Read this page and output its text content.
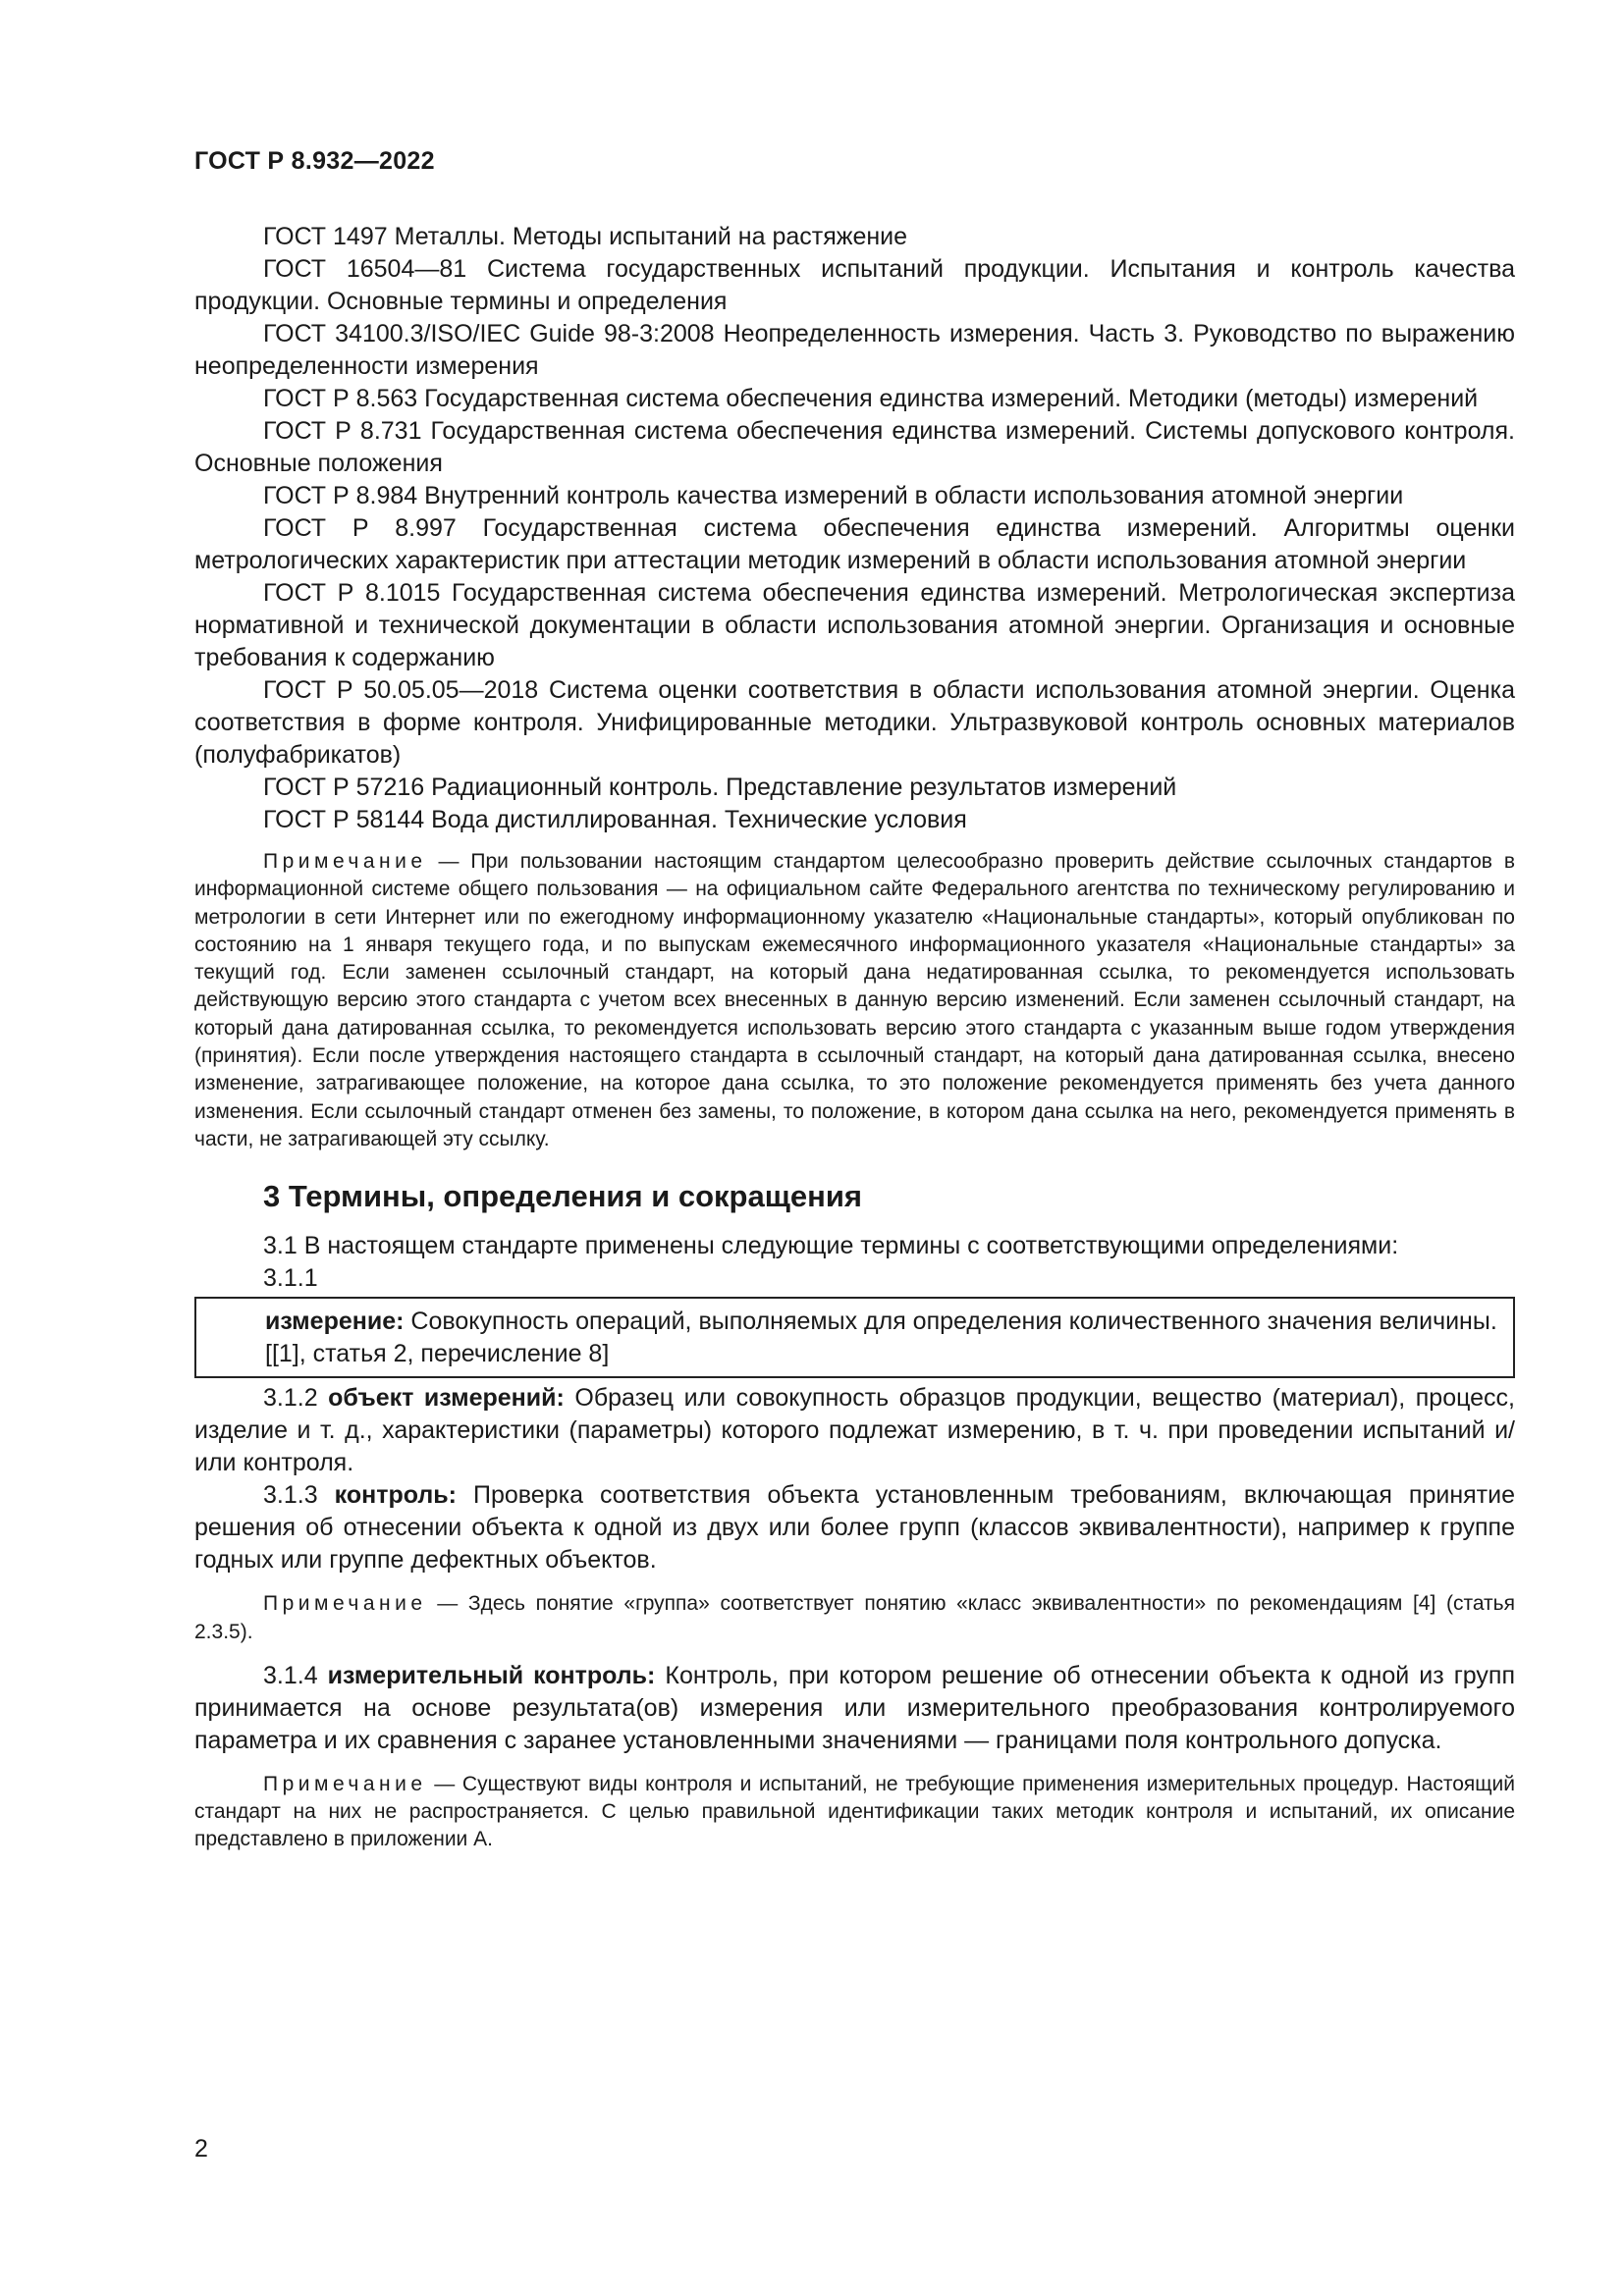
ГОСТ Р 8.932—2022

ГОСТ 1497 Металлы. Методы испытаний на растяжение

ГОСТ 16504—81 Система государственных испытаний продукции. Испытания и контроль качества продукции. Основные термины и определения

ГОСТ 34100.3/ISO/IEC Guide 98-3:2008 Неопределенность измерения. Часть 3. Руководство по выражению неопределенности измерения

ГОСТ Р 8.563 Государственная система обеспечения единства измерений. Методики (методы) измерений

ГОСТ Р 8.731 Государственная система обеспечения единства измерений. Системы допускового контроля. Основные положения

ГОСТ Р 8.984 Внутренний контроль качества измерений в области использования атомной энергии

ГОСТ Р 8.997 Государственная система обеспечения единства измерений. Алгоритмы оценки метрологических характеристик при аттестации методик измерений в области использования атомной энергии

ГОСТ Р 8.1015 Государственная система обеспечения единства измерений. Метрологическая экспертиза нормативной и технической документации в области использования атомной энергии. Организация и основные требования к содержанию

ГОСТ Р 50.05.05—2018 Система оценки соответствия в области использования атомной энергии. Оценка соответствия в форме контроля. Унифицированные методики. Ультразвуковой контроль основных материалов (полуфабрикатов)

ГОСТ Р 57216 Радиационный контроль. Представление результатов измерений

ГОСТ Р 58144 Вода дистиллированная. Технические условия

Примечание — При пользовании настоящим стандартом целесообразно проверить действие ссылочных стандартов в информационной системе общего пользования — на официальном сайте Федерального агентства по техническому регулированию и метрологии в сети Интернет или по ежегодному информационному указателю «Национальные стандарты», который опубликован по состоянию на 1 января текущего года, и по выпускам ежемесячного информационного указателя «Национальные стандарты» за текущий год. Если заменен ссылочный стандарт, на который дана недатированная ссылка, то рекомендуется использовать действующую версию этого стандарта с учетом всех внесенных в данную версию изменений. Если заменен ссылочный стандарт, на который дана датированная ссылка, то рекомендуется использовать версию этого стандарта с указанным выше годом утверждения (принятия). Если после утверждения настоящего стандарта в ссылочный стандарт, на который дана датированная ссылка, внесено изменение, затрагивающее положение, на которое дана ссылка, то это положение рекомендуется применять без учета данного изменения. Если ссылочный стандарт отменен без замены, то положение, в котором дана ссылка на него, рекомендуется применять в части, не затрагивающей эту ссылку.

3 Термины, определения и сокращения

3.1 В настоящем стандарте применены следующие термины с соответствующими определениями:

3.1.1

измерение: Совокупность операций, выполняемых для определения количественного значения величины.

[[1], статья 2, перечисление 8]

3.1.2 объект измерений: Образец или совокупность образцов продукции, вещество (материал), процесс, изделие и т. д., характеристики (параметры) которого подлежат измерению, в т. ч. при проведении испытаний и/или контроля.

3.1.3 контроль: Проверка соответствия объекта установленным требованиям, включающая принятие решения об отнесении объекта к одной из двух или более групп (классов эквивалентности), например к группе годных или группе дефектных объектов.

Примечание — Здесь понятие «группа» соответствует понятию «класс эквивалентности» по рекомендациям [4] (статья 2.3.5).

3.1.4 измерительный контроль: Контроль, при котором решение об отнесении объекта к одной из групп принимается на основе результата(ов) измерения или измерительного преобразования контролируемого параметра и их сравнения с заранее установленными значениями — границами поля контрольного допуска.

Примечание — Существуют виды контроля и испытаний, не требующие применения измерительных процедур. Настоящий стандарт на них не распространяется. С целью правильной идентификации таких методик контроля и испытаний, их описание представлено в приложении А.

2
